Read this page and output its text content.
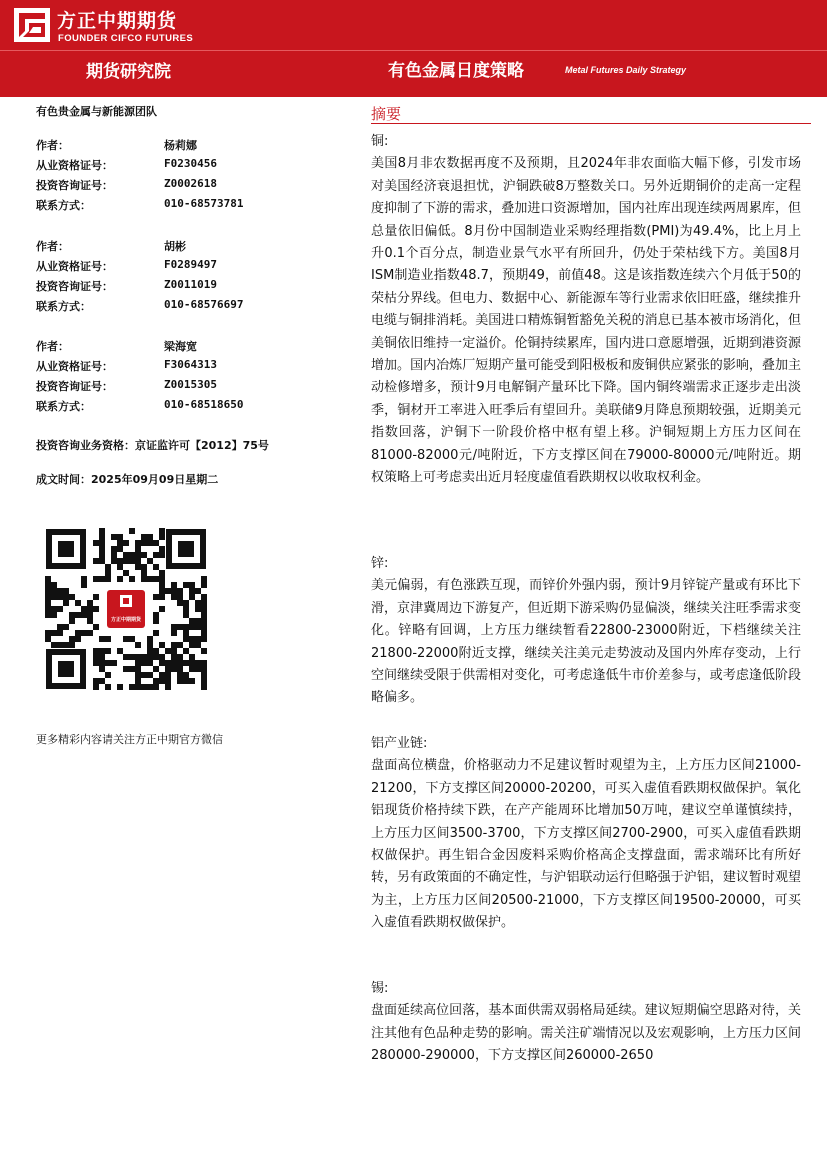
方正中期期货
FOUNDER CIFCO FUTURES
期货研究院	有色金属日度策略	Metal Futures Daily Strategy
有色贵金属与新能源团队
作者：	杨莉娜
从业资格证号：	F0230456
投资咨询证号：	Z0002618
联系方式：	010-68573781
作者：	胡彬
从业资格证号：	F0289497
投资咨询证号：	Z0011019
联系方式：	010-68576697
作者：	梁海宽
从业资格证号：	F3064313
投资咨询证号：	Z0015305
联系方式：	010-68518650
投资咨询业务资格：京证监许可【2012】75号
成文时间：2025年09月09日星期二
方正中期期货
更多精彩内容请关注方正中期官方微信
摘要
铜:
美国8月非农数据再度不及预期，且2024年非农面临大幅下修，引发市场对美国经济衰退担忧，沪铜跌破8万整数关口。另外近期铜价的走高一定程度抑制了下游的需求，叠加进口资源增加，国内社库出现连续两周累库，但总量依旧偏低。8月份中国制造业采购经理指数(PMI)为49.4%，比上月上升0.1个百分点，制造业景气水平有所回升，仍处于荣枯线下方。美国8月ISM制造业指数48.7，预期49，前值48。这是该指数连续六个月低于50的荣枯分界线。但电力、数据中心、新能源车等行业需求依旧旺盛，继续推升电缆与铜排消耗。美国进口精炼铜暂豁免关税的消息已基本被市场消化，但美铜依旧维持一定溢价。伦铜持续累库，国内进口意愿增强，近期到港资源增加。国内冶炼厂短期产量可能受到阳极板和废铜供应紧张的影响，叠加主动检修增多，预计9月电解铜产量环比下降。国内铜终端需求正逐步走出淡季，铜材开工率进入旺季后有望回升。美联储9月降息预期较强，近期美元指数回落，沪铜下一阶段价格中枢有望上移。沪铜短期上方压力区间在81000-82000元/吨附近，下方支撑区间在79000-80000元/吨附近。期权策略上可考虑卖出近月轻度虚值看跌期权以收取权利金。
锌:
美元偏弱，有色涨跌互现，而锌价外强内弱，预计9月锌锭产量或有环比下滑，京津冀周边下游复产，但近期下游采购仍显偏淡，继续关注旺季需求变化。锌略有回调，上方压力继续暂看22800-23000附近，下档继续关注21800-22000附近支撑，继续关注美元走势波动及国内外库存变动，上行空间继续受限于供需相对变化，可考虑逢低牛市价差参与，或考虑逢低阶段略偏多。
铝产业链:
盘面高位横盘，价格驱动力不足建议暂时观望为主，上方压力区间21000-21200，下方支撑区间20000-20200，可买入虚值看跌期权做保护。氧化铝现货价格持续下跌，在产产能周环比增加50万吨，建议空单谨慎续持，上方压力区间3500-3700，下方支撑区间2700-2900，可买入虚值看跌期权做保护。再生铝合金因废料采购价格高企支撑盘面，需求端环比有所好转，另有政策面的不确定性，与沪铝联动运行但略强于沪铝，建议暂时观望为主，上方压力区间20500-21000，下方支撑区间19500-20000，可买入虚值看跌期权做保护。
锡:
盘面延续高位回落，基本面供需双弱格局延续。建议短期偏空思路对待，关注其他有色品种走势的影响。需关注矿端情况以及宏观影响，上方压力区间280000-290000，下方支撑区间260000-2650
